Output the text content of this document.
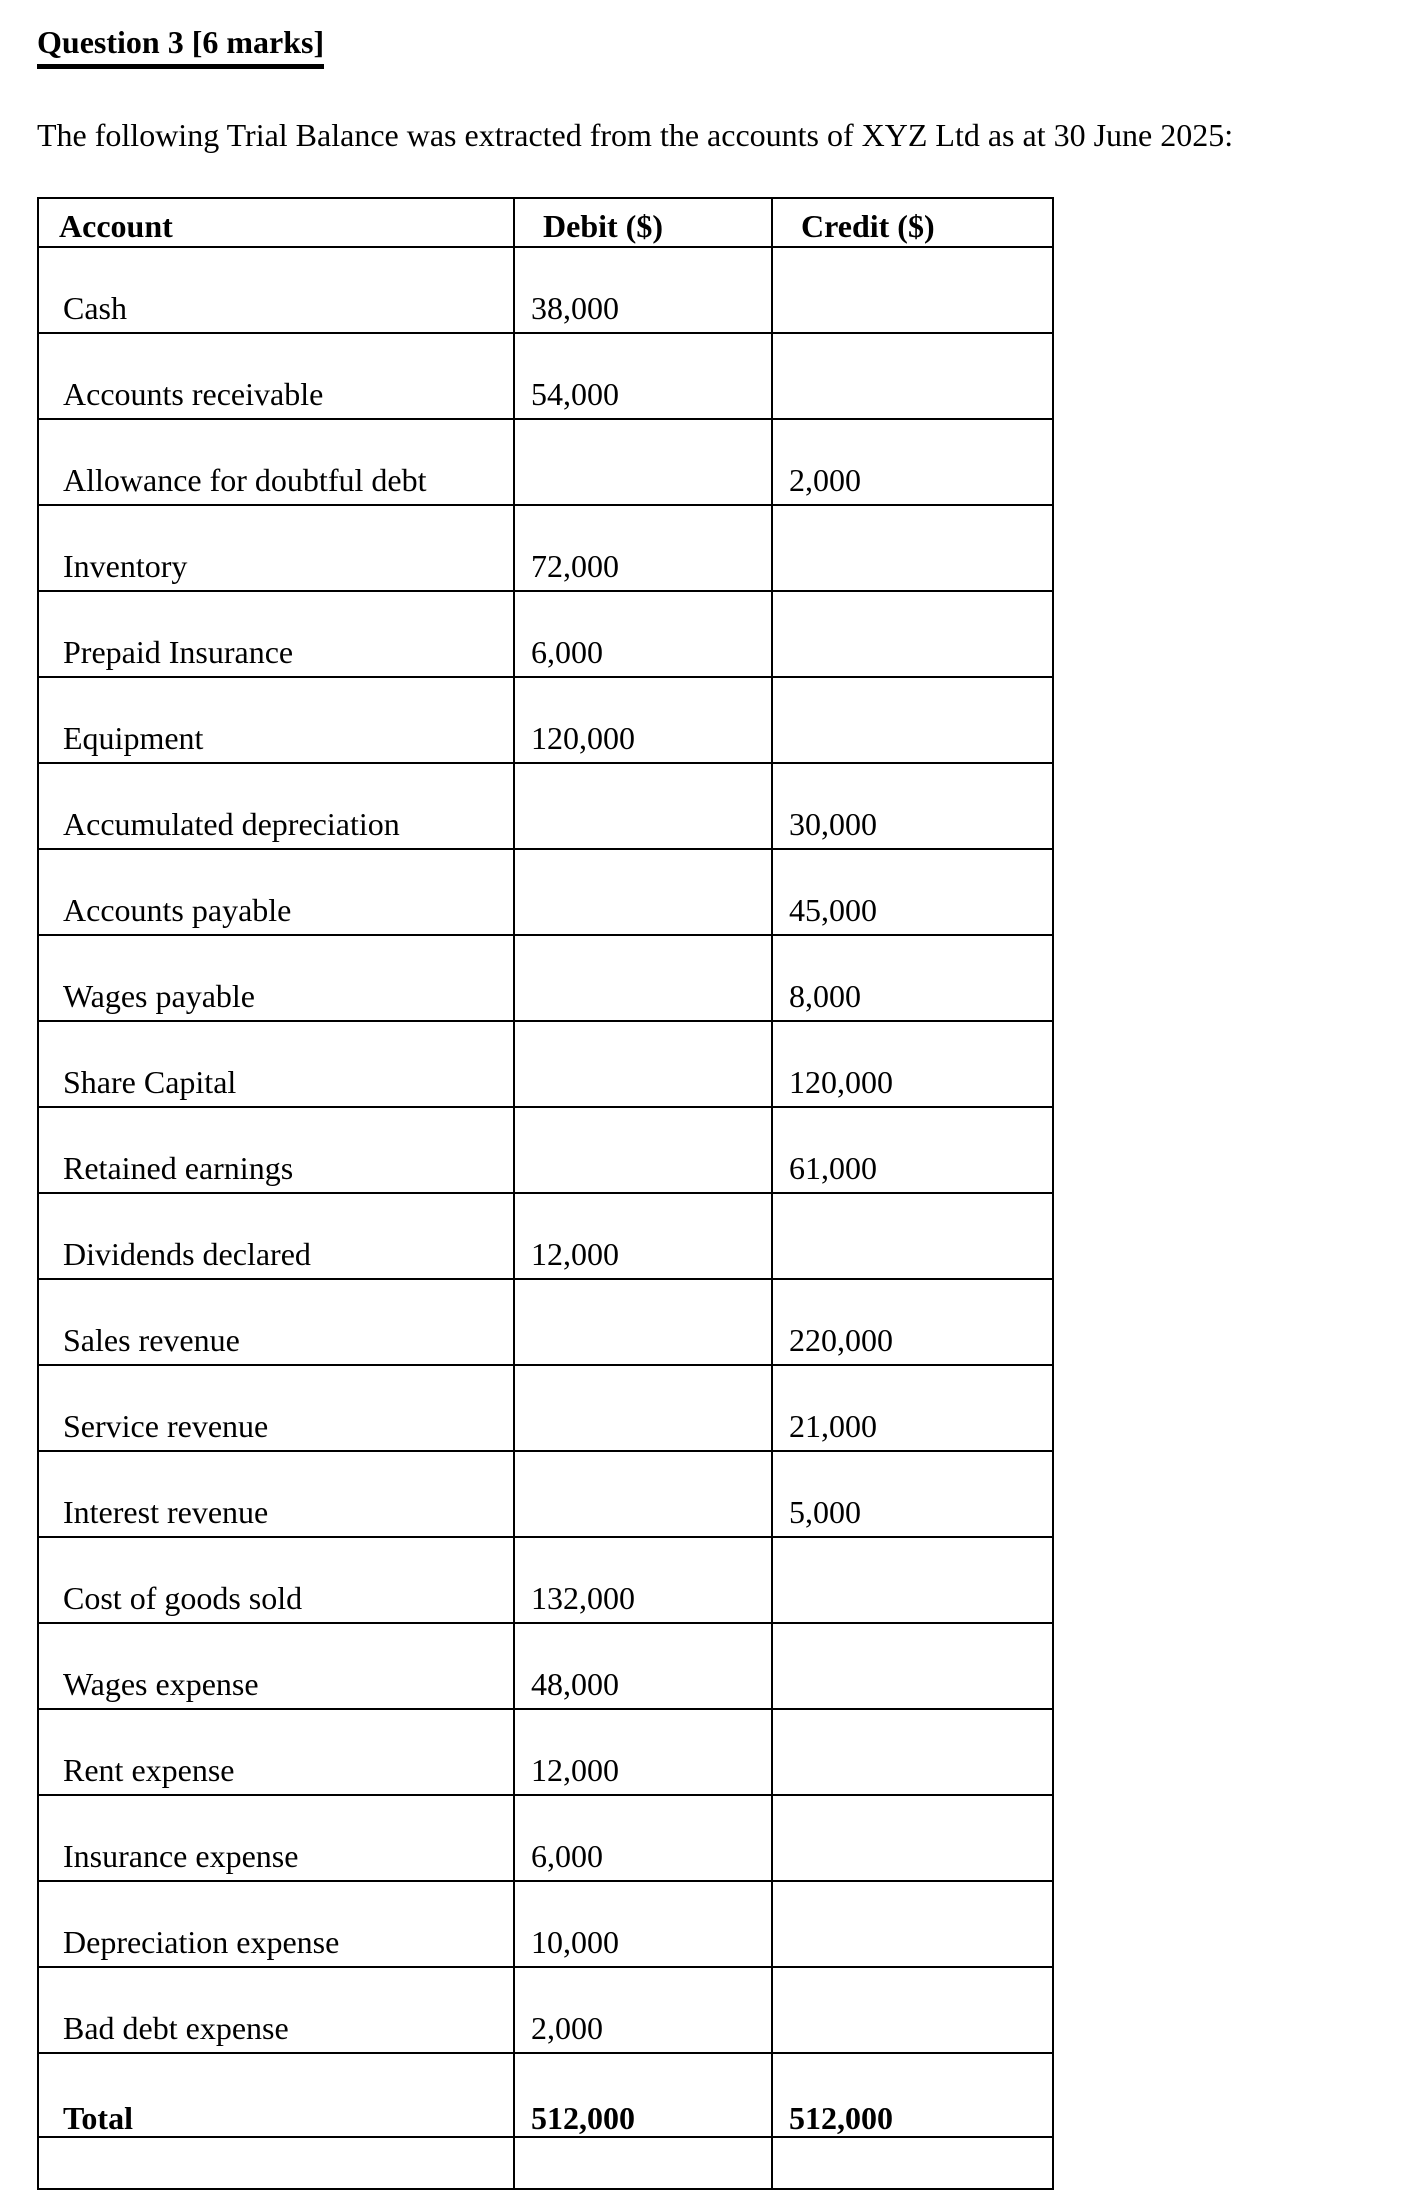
Question 3 [6 marks]

The following Trial Balance was extracted from the accounts of XYZ Ltd as at 30 June 2025:

Account	Debit ($)	Credit ($)
Cash	38,000	
Accounts receivable	54,000	
Allowance for doubtful debt		2,000
Inventory	72,000	
Prepaid Insurance	6,000	
Equipment	120,000	
Accumulated depreciation		30,000
Accounts payable		45,000
Wages payable		8,000
Share Capital		120,000
Retained earnings		61,000
Dividends declared	12,000	
Sales revenue		220,000
Service revenue		21,000
Interest revenue		5,000
Cost of goods sold	132,000	
Wages expense	48,000	
Rent expense	12,000	
Insurance expense	6,000	
Depreciation expense	10,000	
Bad debt expense	2,000	
Total	512,000	512,000
